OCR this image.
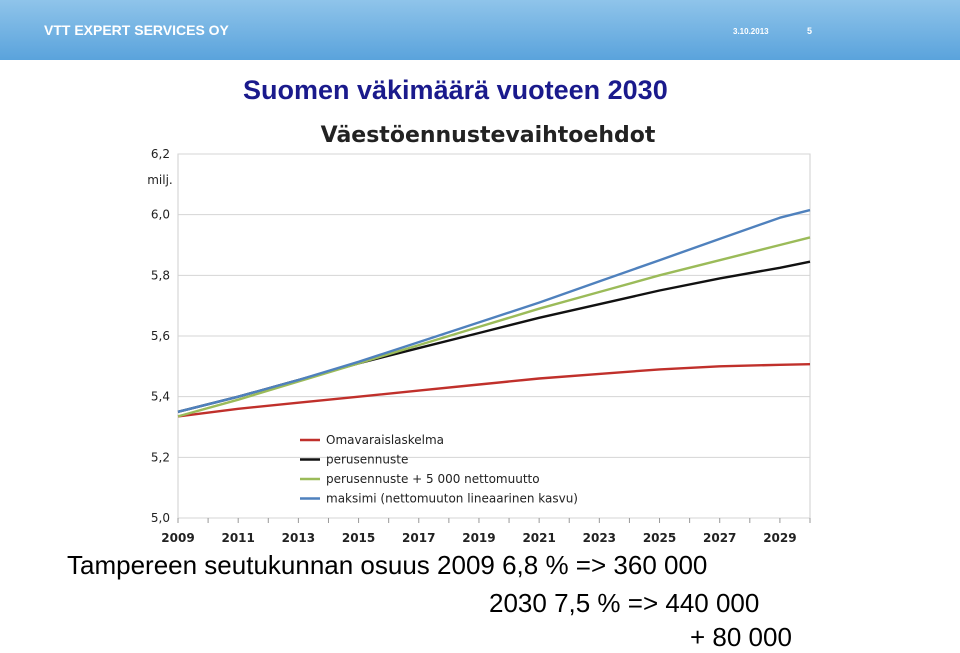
VTT EXPERT SERVICES OY	3.10.2013	5
Suomen väkimäärä vuoteen 2030
Väestöennustevaihtoehdot
milj.
5,0
5,2
5,4
5,6
5,8
6,0
6,2
2009 2011 2013 2015 2017 2019 2021 2023 2025 2027 2029
Omavaraislaskelma
perusennuste
perusennuste + 5 000 nettomuutto
maksimi (nettomuuton lineaarinen kasvu)
Tampereen seutukunnan osuus 2009 6,8 % => 360 000
2030 7,5 % => 440 000
+ 80 000
